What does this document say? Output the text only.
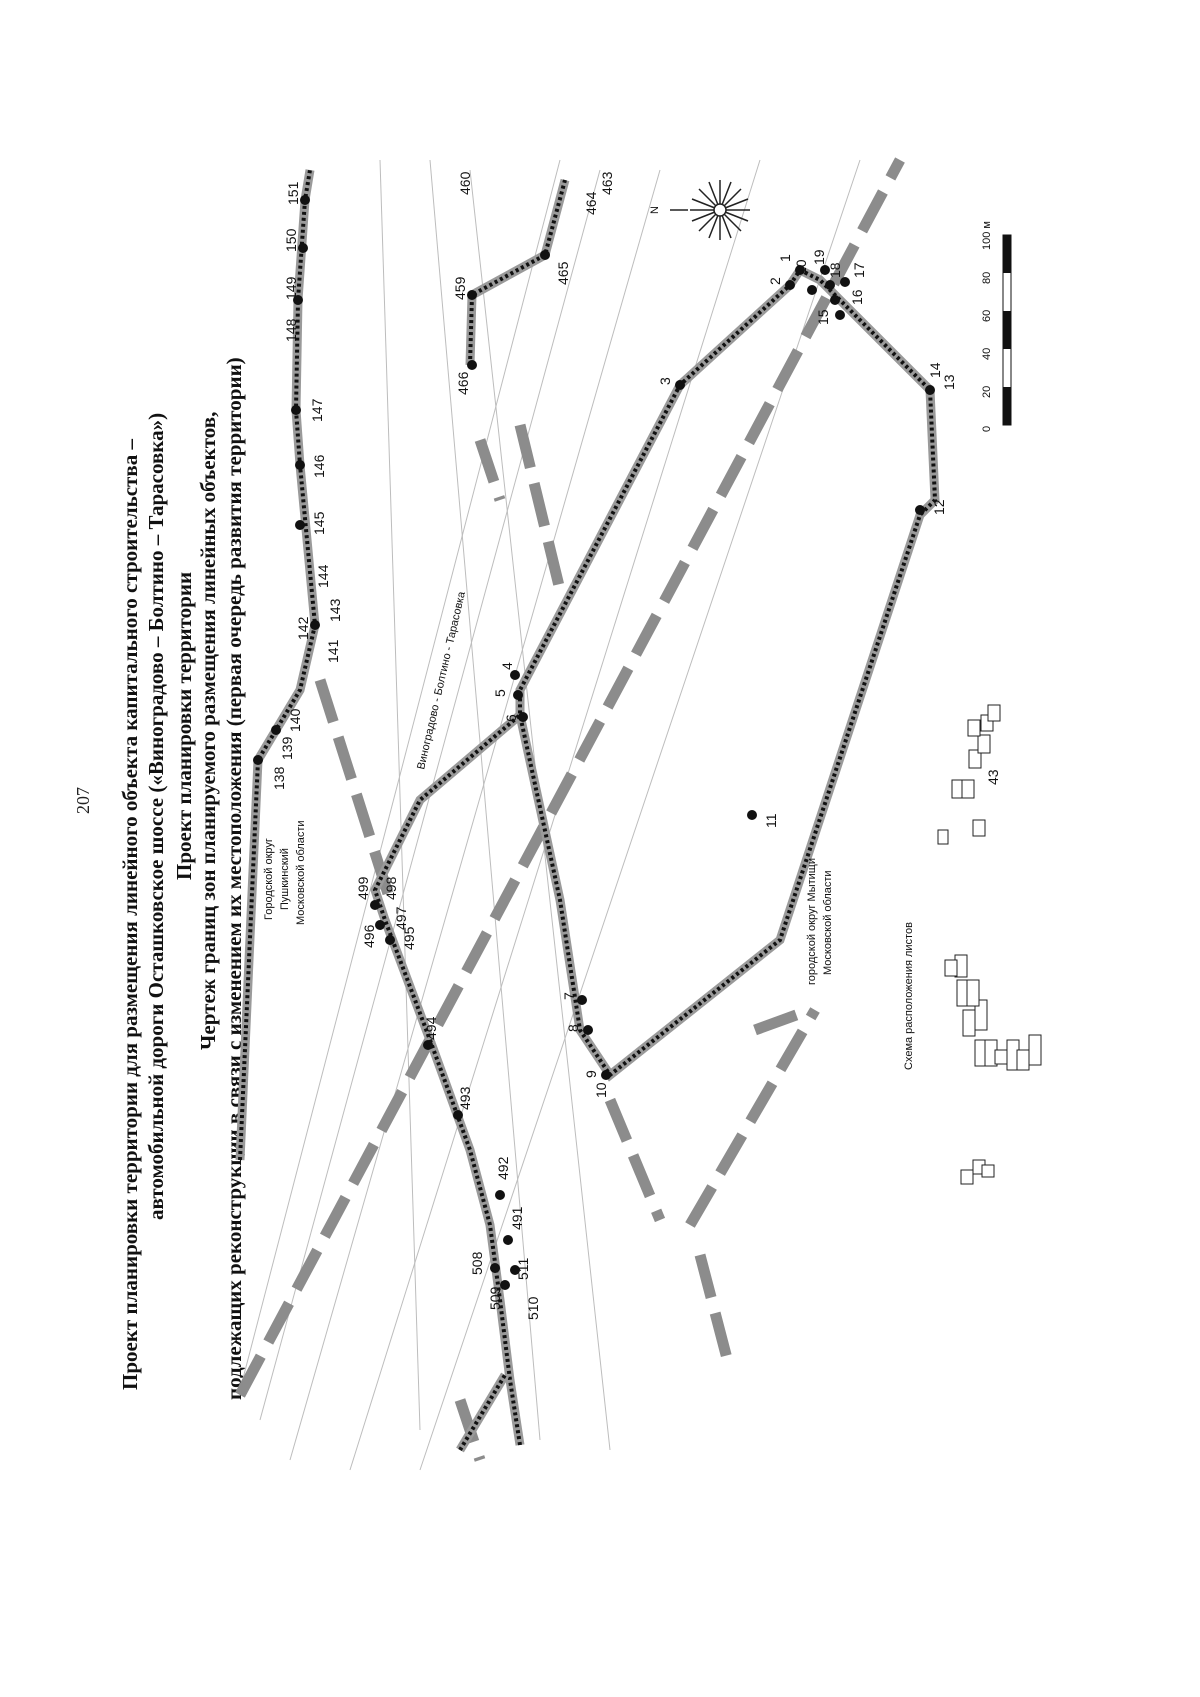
207 Проект планировки территории для размещения линейного объекта капитального строительства – автомобильной дороги Осташковское шоссе («Виноградово – Болтино – Тарасовка») Проект планировки территории Чертеж границ зон планируемого размещения линейных объектов, подлежащих реконструкции в связи с изменением их местоположения (первая очередь развития территории)	Виноградово - Болтино - Тарасовка
Городской округ Пушкинский Московской области	городской округ Мытищи Московской области
N
0
20
40
60
80
100 м
Схема расположения листов
43
138
139
140
141
142
143
144
145
146
147
148
149
150
151
459
460	463
464
465
466
1
2
3
4
5
6
7
8
9
10
11
12
13
14
15
16
17
18
19
20
491
492
493
494
495
496
497
498
499
508
509 510
511
